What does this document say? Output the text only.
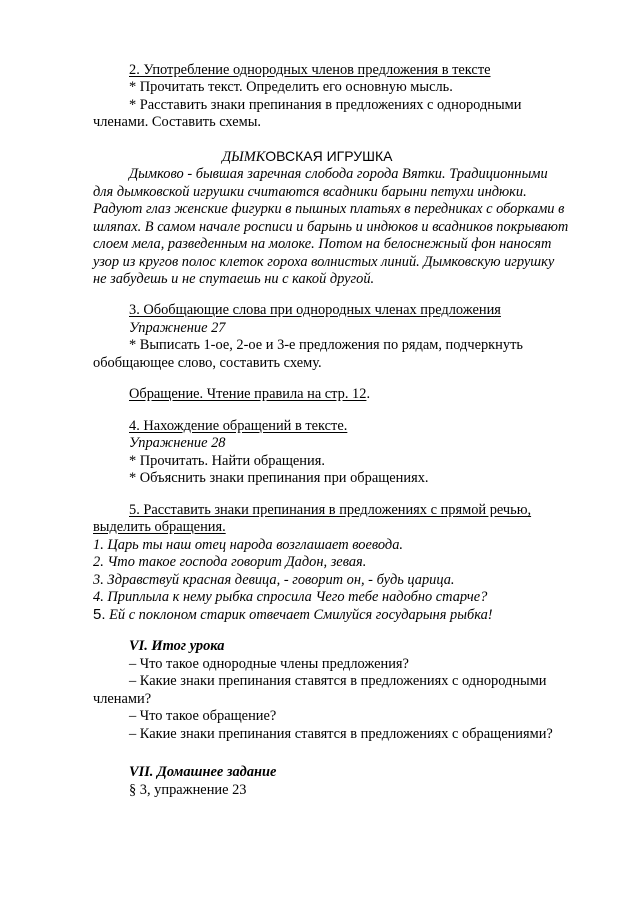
2. Употребление однородных членов предложения в тексте
* Прочитать текст. Определить его основную мысль.
* Расставить знаки препинания в предложениях с однородными
членами. Составить схемы.
ДЫМКОВСКАЯ ИГРУШКА
Дымково - бывшая заречная слобода города Вятки. Традиционными
для дымковской игрушки считаются всадники барыни петухи индюки.
Радуют глаз женские фигурки в пышных платьях в передниках с оборками в
шляпах. В самом начале росписи и барынь и индюков и всадников покрывают
слоем мела, разведенным на молоке. Потом на белоснежный фон наносят
узор из кругов полос клеток гороха волнистых линий. Дымковскую игрушку
не забудешь и не спутаешь ни с какой другой.
3. Обобщающие слова при однородных членах предложения
Упражнение 27
* Выписать 1-ое, 2-ое и 3-е предложения по рядам, подчеркнуть
обобщающее слово, составить схему.
Обращение. Чтение правила на стр. 12.
4. Нахождение обращений в тексте.
Упражнение 28
* Прочитать. Найти обращения.
* Объяснить знаки препинания при обращениях.
5. Расставить знаки препинания в предложениях с прямой речью,
выделить обращения.
1. Царь ты наш отец народа возглашает воевода.
2. Что такое господа говорит Дадон, зевая.
3. Здравствуй красная девица, - говорит он, - будь царица.
4. Приплыла к нему рыбка спросила Чего тебе надобно старче?
5. Ей с поклоном старик отвечает Смилуйся государыня рыбка!
VI. Итог урока
– Что такое однородные члены предложения?
– Какие знаки препинания ставятся в предложениях с однородными
членами?
– Что такое обращение?
– Какие знаки препинания ставятся в предложениях с обращениями?
VII. Домашнее задание
§ 3, упражнение 23
